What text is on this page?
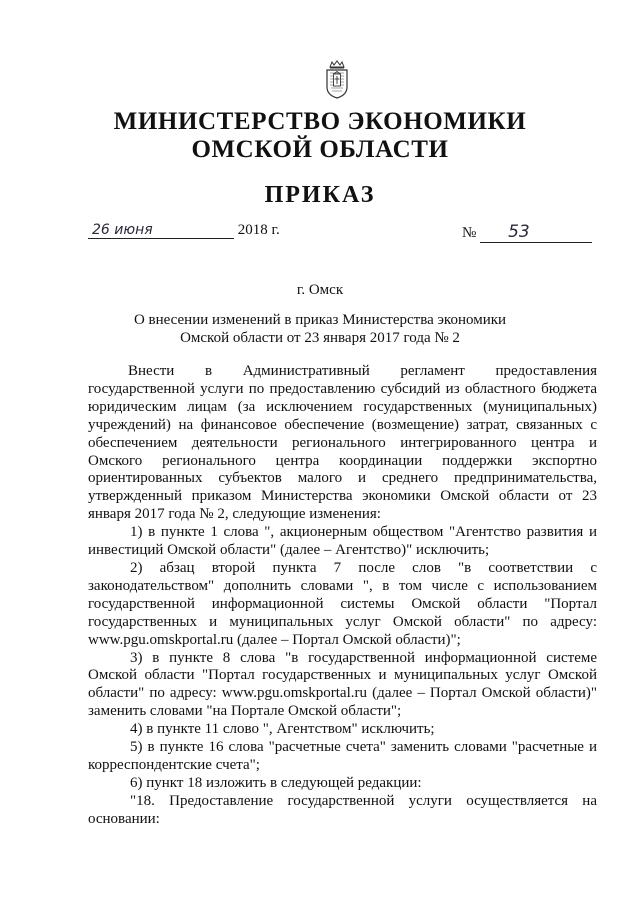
МИНИСТЕРСТВО ЭКОНОМИКИ
ОМСКОЙ ОБЛАСТИ
ПРИКАЗ
26 июня	2018 г.	№ 53
г. Омск
О внесении изменений в приказ Министерства экономики
Омской области от 23 января 2017 года № 2

Внести в Административный регламент предоставления государственной услуги по предоставлению субсидий из областного бюджета юридическим лицам (за исключением государственных (муниципальных) учреждений) на финансовое обеспечение (возмещение) затрат, связанных с обеспечением деятельности регионального интегрированного центра и Омского регионального центра координации поддержки экспортно ориентированных субъектов малого и среднего предпринимательства, утвержденный приказом Министерства экономики Омской области от 23 января 2017 года № 2, следующие изменения:

1) в пункте 1 слова ", акционерным обществом "Агентство развития и инвестиций Омской области" (далее – Агентство)" исключить;

2) абзац второй пункта 7 после слов "в соответствии с законодательством" дополнить словами ", в том числе с использованием государственной информационной системы Омской области "Портал государственных и муниципальных услуг Омской области" по адресу: www.pgu.omskportal.ru (далее – Портал Омской области)";

3) в пункте 8 слова "в государственной информационной системе Омской области "Портал государственных и муниципальных услуг Омской области" по адресу: www.pgu.omskportal.ru (далее – Портал Омской области)" заменить словами "на Портале Омской области";

4) в пункте 11 слово ", Агентством" исключить;

5) в пункте 16 слова "расчетные счета" заменить словами "расчетные и корреспондентские счета";

6) пункт 18 изложить в следующей редакции:

"18. Предоставление государственной услуги осуществляется на основании:
